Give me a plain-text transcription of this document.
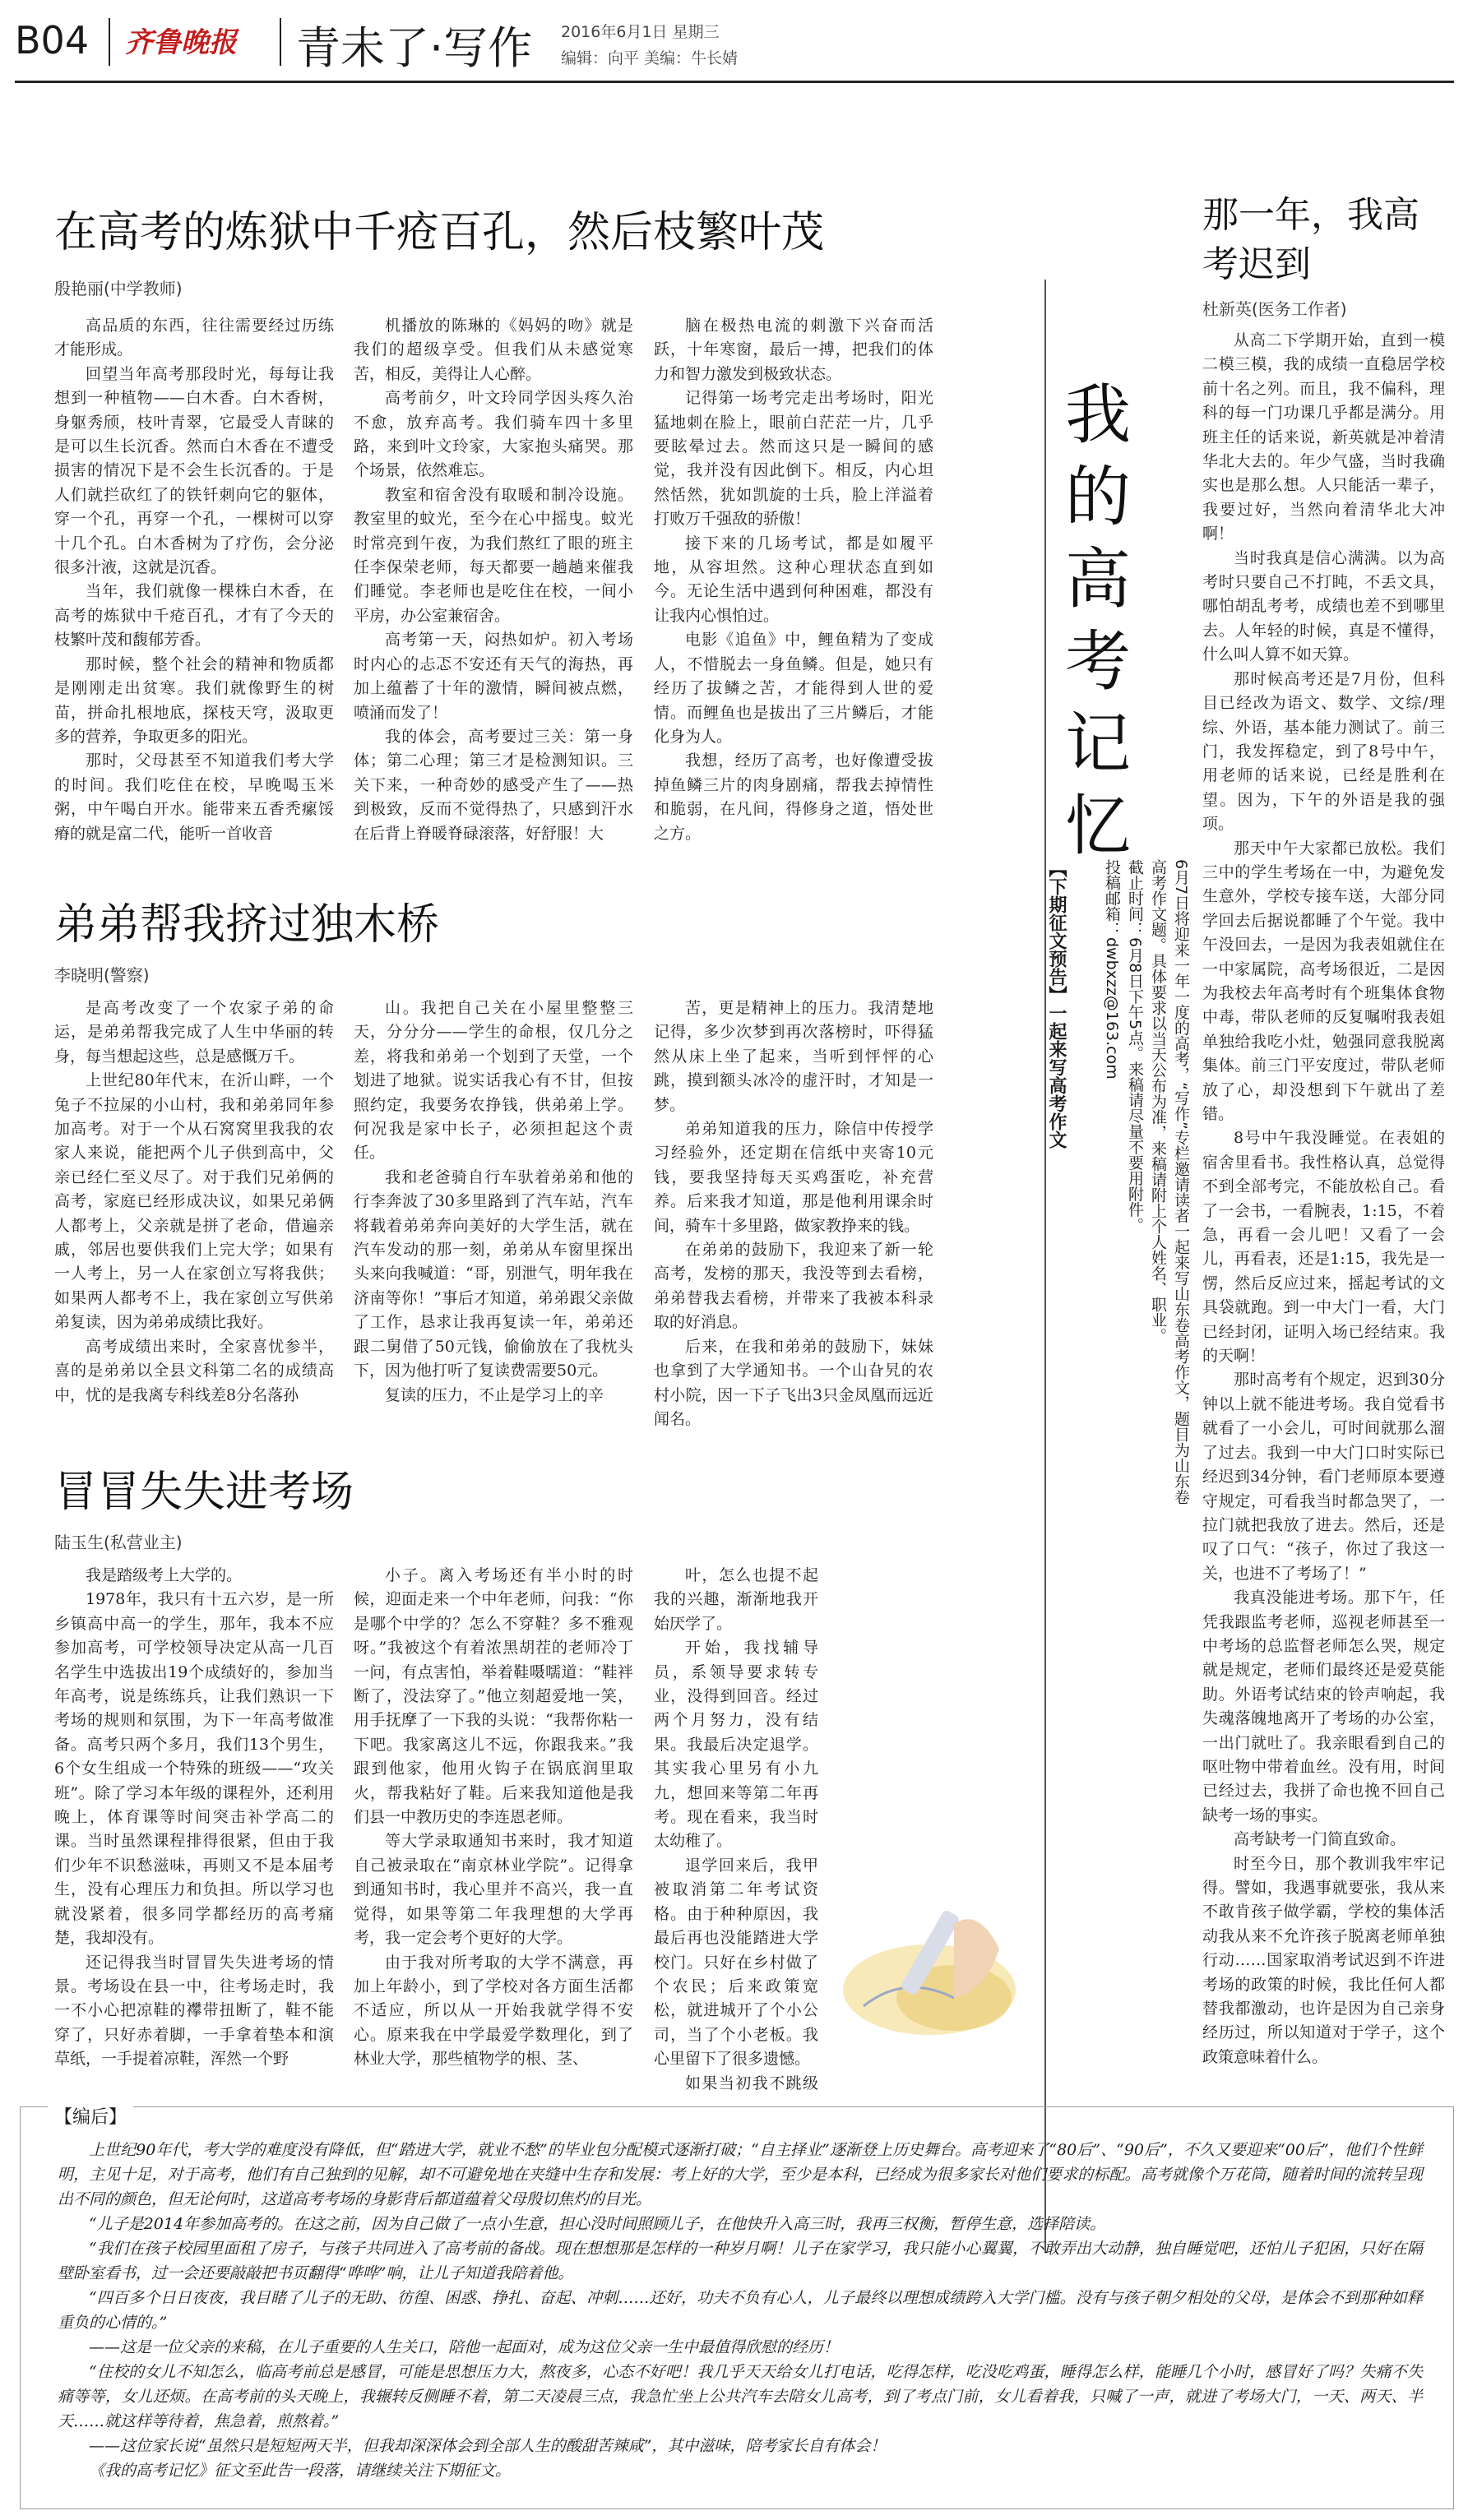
B04 齐鲁晚报 青未了·写作 2016年6月1日 星期三
编辑：向平 美编：牛长婧
在高考的炼狱中千疮百孔，然后枝繁叶茂
殷艳丽(中学教师)

高品质的东西，往往需要经过历练才能形成。

回望当年高考那段时光，每每让我想到一种植物——白木香。白木香树，身躯秀颀，枝叶青翠，它最受人青睐的是可以生长沉香。然而白木香在不遭受损害的情况下是不会生长沉香的。于是人们就拦砍红了的铁钎刺向它的躯体，穿一个孔，再穿一个孔，一棵树可以穿十几个孔。白木香树为了疗伤，会分泌很多汁液，这就是沉香。

当年，我们就像一棵株白木香，在高考的炼狱中千疮百孔，才有了今天的枝繁叶茂和馥郁芳香。

那时候，整个社会的精神和物质都是刚刚走出贫寒。我们就像野生的树苗，拼命扎根地底，探枝天穹，汲取更多的营养，争取更多的阳光。

那时，父母甚至不知道我们考大学的时间。我们吃住在校，早晚喝玉米粥，中午喝白开水。能带来五香秃瘰馁瘠的就是富二代，能听一首收音

机播放的陈琳的《妈妈的吻》就是我们的超级享受。但我们从未感觉寒苦，相反，美得让人心醉。

高考前夕，叶文玲同学因头疼久治不愈，放弃高考。我们骑车四十多里路，来到叶文玲家，大家抱头痛哭。那个场景，依然难忘。

教室和宿舍没有取暖和制冷设施。教室里的蚊光，至今在心中摇曳。蚊光时常亮到午夜，为我们熬红了眼的班主任李保荣老师，每天都要一趟趟来催我们睡觉。李老师也是吃住在校，一间小平房，办公室兼宿舍。

高考第一天，闷热如炉。初入考场时内心的忐忑不安还有天气的海热，再加上蕴蓄了十年的激情，瞬间被点燃，喷涌而发了！

我的体会，高考要过三关：第一身体；第二心理；第三才是检测知识。三关下来，一种奇妙的感受产生了——热到极致，反而不觉得热了，只感到汗水在后背上脊暖脊碌滚落，好舒服！大

脑在极热电流的刺激下兴奋而活跃，十年寒窗，最后一搏，把我们的体力和智力激发到极致状态。

记得第一场考完走出考场时，阳光猛地刺在脸上，眼前白茫茫一片，几乎要眩晕过去。然而这只是一瞬间的感觉，我并没有因此倒下。相反，内心坦然恬然，犹如凯旋的士兵，脸上洋溢着打败万千强敌的骄傲！

接下来的几场考试，都是如履平地，从容坦然。这种心理状态直到如今。无论生活中遇到何种困难，都没有让我内心惧怕过。

电影《追鱼》中，鲤鱼精为了变成人，不惜脱去一身鱼鳞。但是，她只有经历了拔鳞之苦，才能得到人世的爱情。而鲤鱼也是拔出了三片鳞后，才能化身为人。

我想，经历了高考，也好像遭受拔掉鱼鳞三片的肉身剧痛，帮我去掉情性和脆弱，在凡间，得修身之道，悟处世之方。

弟弟帮我挤过独木桥
李晓明(警察)

是高考改变了一个农家子弟的命运，是弟弟帮我完成了人生中华丽的转身，每当想起这些，总是感慨万千。

上世纪80年代末，在沂山畔，一个兔子不拉屎的小山村，我和弟弟同年参加高考。对于一个从石窝窝里我我的农家人来说，能把两个儿子供到高中，父亲已经仁至义尽了。对于我们兄弟俩的高考，家庭已经形成决议，如果兄弟俩人都考上，父亲就是拼了老命，借遍亲戚，邻居也要供我们上完大学；如果有一人考上，另一人在家创立写将我供；如果两人都考不上，我在家创立写供弟弟复读，因为弟弟成绩比我好。

高考成绩出来时，全家喜忧参半，喜的是弟弟以全县文科第二名的成绩高中，忧的是我离专科线差8分名落孙

山。我把自己关在小屋里整整三天，分分分——学生的命根，仅几分之差，将我和弟弟一个划到了天堂，一个划进了地狱。说实话我心有不甘，但按照约定，我要务农挣钱，供弟弟上学。何况我是家中长子，必须担起这个责任。

我和老爸骑自行车驮着弟弟和他的行李奔波了30多里路到了汽车站，汽车将载着弟弟奔向美好的大学生活，就在汽车发动的那一刻，弟弟从车窗里探出头来向我喊道：“哥，别泄气，明年我在济南等你！”事后才知道，弟弟跟父亲做了工作，恳求让我再复读一年，弟弟还跟二舅借了50元钱，偷偷放在了我枕头下，因为他打听了复读费需要50元。

复读的压力，不止是学习上的辛

苦，更是精神上的压力。我清楚地记得，多少次梦到再次落榜时，吓得猛然从床上坐了起来，当听到怦怦的心跳，摸到额头冰冷的虚汗时，才知是一梦。

弟弟知道我的压力，除信中传授学习经验外，还定期在信纸中夹寄10元钱，要我坚持每天买鸡蛋吃，补充营养。后来我才知道，那是他利用课余时间，骑车十多里路，做家教挣来的钱。

在弟弟的鼓励下，我迎来了新一轮高考，发榜的那天，我没等到去看榜，弟弟替我去看榜，并带来了我被本科录取的好消息。

后来，在我和弟弟的鼓励下，妹妹也拿到了大学通知书。一个山旮旯的农村小院，因一下子飞出3只金凤凰而远近闻名。

冒冒失失进考场
陆玉生(私营业主)

我是踏级考上大学的。

1978年，我只有十五六岁，是一所乡镇高中高一的学生，那年，我本不应参加高考，可学校领导决定从高一几百名学生中选拔出19个成绩好的，参加当年高考，说是练练兵，让我们熟识一下考场的规则和氛围，为下一年高考做准备。高考只两个多月，我们13个男生，6个女生组成一个特殊的班级——“攻关班”。除了学习本年级的课程外，还利用晚上，体育课等时间突击补学高二的课。当时虽然课程排得很紧，但由于我们少年不识愁滋味，再则又不是本届考生，没有心理压力和负担。所以学习也就没紧着，很多同学都经历的高考痛楚，我却没有。

还记得我当时冒冒失失进考场的情景。考场设在县一中，往考场走时，我一不小心把凉鞋的襻带扭断了，鞋不能穿了，只好赤着脚，一手拿着垫本和演草纸，一手提着凉鞋，浑然一个野

小子。离入考场还有半小时的时候，迎面走来一个中年老师，问我：“你是哪个中学的？怎么不穿鞋？多不雅观呀。”我被这个有着浓黑胡茬的老师冷丁一问，有点害怕，举着鞋嗫嚅道：“鞋袢断了，没法穿了。”他立刻超爱地一笑，用手抚摩了一下我的头说：“我帮你粘一下吧。我家离这儿不远，你跟我来。”我跟到他家，他用火钩子在锅底润里取火，帮我粘好了鞋。后来我知道他是我们县一中教历史的李连恩老师。

等大学录取通知书来时，我才知道自己被录取在“南京林业学院”。记得拿到通知书时，我心里并不高兴，我一直觉得，如果等第二年我理想的大学再考，我一定会考个更好的大学。

由于我对所考取的大学不满意，再加上年龄小，到了学校对各方面生活都不适应，所以从一开始我就学得不安心。原来我在中学最爱学数理化，到了林业大学，那些植物学的根、茎、

叶，怎么也提不起我的兴趣，渐渐地我开始厌学了。

开始，我找辅导员，系领导要求转专业，没得到回音。经过两个月努力，没有结果。我最后决定退学。其实我心里另有小九九，想回来等第二年再考。现在看来，我当时太幼稚了。

退学回来后，我甲被取消第二年考试资格。由于种种原因，我最后再也没能踏进大学校门。只好在乡村做了个农民；后来政策宽松，就进城开了个小公司，当了个小老板。我心里留下了很多遗憾。

如果当初我不跳级

那一年，我高考迟到
杜新英(医务工作者)

从高二下学期开始，直到一模二模三模，我的成绩一直稳居学校前十名之列。而且，我不偏科，理科的每一门功课几乎都是满分。用班主任的话来说，新英就是冲着清华北大去的。年少气盛，当时我确实也是那么想。人只能活一辈子，我要过好，当然向着清华北大冲啊！

当时我真是信心满满。以为高考时只要自己不打盹，不丢文具，哪怕胡乱考考，成绩也差不到哪里去。人年轻的时候，真是不懂得，什么叫人算不如天算。

那时候高考还是7月份，但科目已经改为语文、数学、文综/理综、外语，基本能力测试了。前三门，我发挥稳定，到了8号中午，用老师的话来说，已经是胜利在望。因为，下午的外语是我的强项。

那天中午大家都已放松。我们三中的学生考场在一中，为避免发生意外，学校专接车送，大部分同学回去后据说都睡了个午觉。我中午没回去，一是因为我表姐就住在一中家属院，高考场很近，二是因为我校去年高考时有个班集体食物中毒，带队老师的反复嘱咐我表姐单独给我吃小灶，勉强同意我脱离集体。前三门平安度过，带队老师放了心，却没想到下午就出了差错。

8号中午我没睡觉。在表姐的宿舍里看书。我性格认真，总觉得不到全部考完，不能放松自己。看了一会书，一看腕表，1:15，不着急，再看一会儿吧！又看了一会儿，再看表，还是1:15，我先是一愣，然后反应过来，摇起考试的文具袋就跑。到一中大门一看，大门已经封闭，证明入场已经结束。我的天啊！

那时高考有个规定，迟到30分钟以上就不能进考场。我自觉看书就看了一小会儿，可时间就那么溜了过去。我到一中大门口时实际已经迟到34分钟，看门老师原本要遵守规定，可看我当时都急哭了，一拉门就把我放了进去。然后，还是叹了口气：“孩子，你过了我这一关，也进不了考场了！”

我真没能进考场。那下午，任凭我跟监考老师，巡视老师甚至一中考场的总监督老师怎么哭，规定就是规定，老师们最终还是爱莫能助。外语考试结束的铃声响起，我失魂落魄地离开了考场的办公室，一出门就吐了。我亲眼看到自己的呕吐物中带着血丝。没有用，时间已经过去，我拼了命也挽不回自己缺考一场的事实。

高考缺考一门简直致命。

时至今日，那个教训我牢牢记得。譬如，我遇事就要张，我从来不敢肯孩子做学霸，学校的集体活动我从来不允许孩子脱离老师单独行动……国家取消考试迟到不许进考场的政策的时候，我比任何人都替我都激动，也许是因为自己亲身经历过，所以知道对于学子，这个政策意味着什么。

我的高考记忆
【下期征文预告】一起来写高考作文	6月7日将迎来一年一度的高考，“写作”专栏邀请读者一起来写山东卷高考作文，题目为山东卷
高考作文题。具体要求以当天公布为准，来稿请附上个人姓名、职业。
截止时间：6月8日下午5点。来稿请尽量不要用附件。
投稿邮箱：dwbxzz@163.com
【编后】

上世纪90年代，考大学的难度没有降低，但“踏进大学，就业不愁”的毕业包分配模式逐渐打破；“自主择业”逐渐登上历史舞台。高考迎来了“80后”、“90后”，不久又要迎来“00后”，他们个性鲜明，主见十足，对于高考，他们有自己独到的见解，却不可避免地在夹缝中生存和发展：考上好的大学，至少是本科，已经成为很多家长对他们要求的标配。高考就像个万花筒，随着时间的流转呈现出不同的颜色，但无论何时，这道高考考场的身影背后都道蕴着父母殷切焦灼的目光。

“儿子是2014年参加高考的。在这之前，因为自己做了一点小生意，担心没时间照顾儿子，在他快升入高三时，我再三权衡，暂停生意，选择陪读。

“我们在孩子校园里面租了房子，与孩子共同进入了高考前的备战。现在想想那是怎样的一种岁月啊！儿子在家学习，我只能小心翼翼，不敢弄出大动静，独自睡觉吧，还怕儿子犯困，只好在隔壁卧室看书，过一会还要敲敲把书页翻得“哗哗”响，让儿子知道我陪着他。

“四百多个日日夜夜，我目睹了儿子的无助、彷徨、困惑、挣扎、奋起、冲刺……还好，功夫不负有心人，儿子最终以理想成绩跨入大学门槛。没有与孩子朝夕相处的父母，是体会不到那种如释重负的心情的。”

——这是一位父亲的来稿，在儿子重要的人生关口，陪他一起面对，成为这位父亲一生中最值得欣慰的经历！

“住校的女儿不知怎么，临高考前总是感冒，可能是思想压力大，熬夜多，心态不好吧！我几乎天天给女儿打电话，吃得怎样，吃没吃鸡蛋，睡得怎么样，能睡几个小时，感冒好了吗？失痛不失痛等等，女儿还烦。在高考前的头天晚上，我辗转反侧睡不着，第二天凌晨三点，我急忙坐上公共汽车去陪女儿高考，到了考点门前，女儿看着我，只喊了一声，就进了考场大门，一天、两天、半天……就这样等待着，焦急着，煎熬着。”

——这位家长说“虽然只是短短两天半，但我却深深体会到全部人生的酸甜苦辣咸”，其中滋味，陪考家长自有体会！

《我的高考记忆》征文至此告一段落，请继续关注下期征文。
